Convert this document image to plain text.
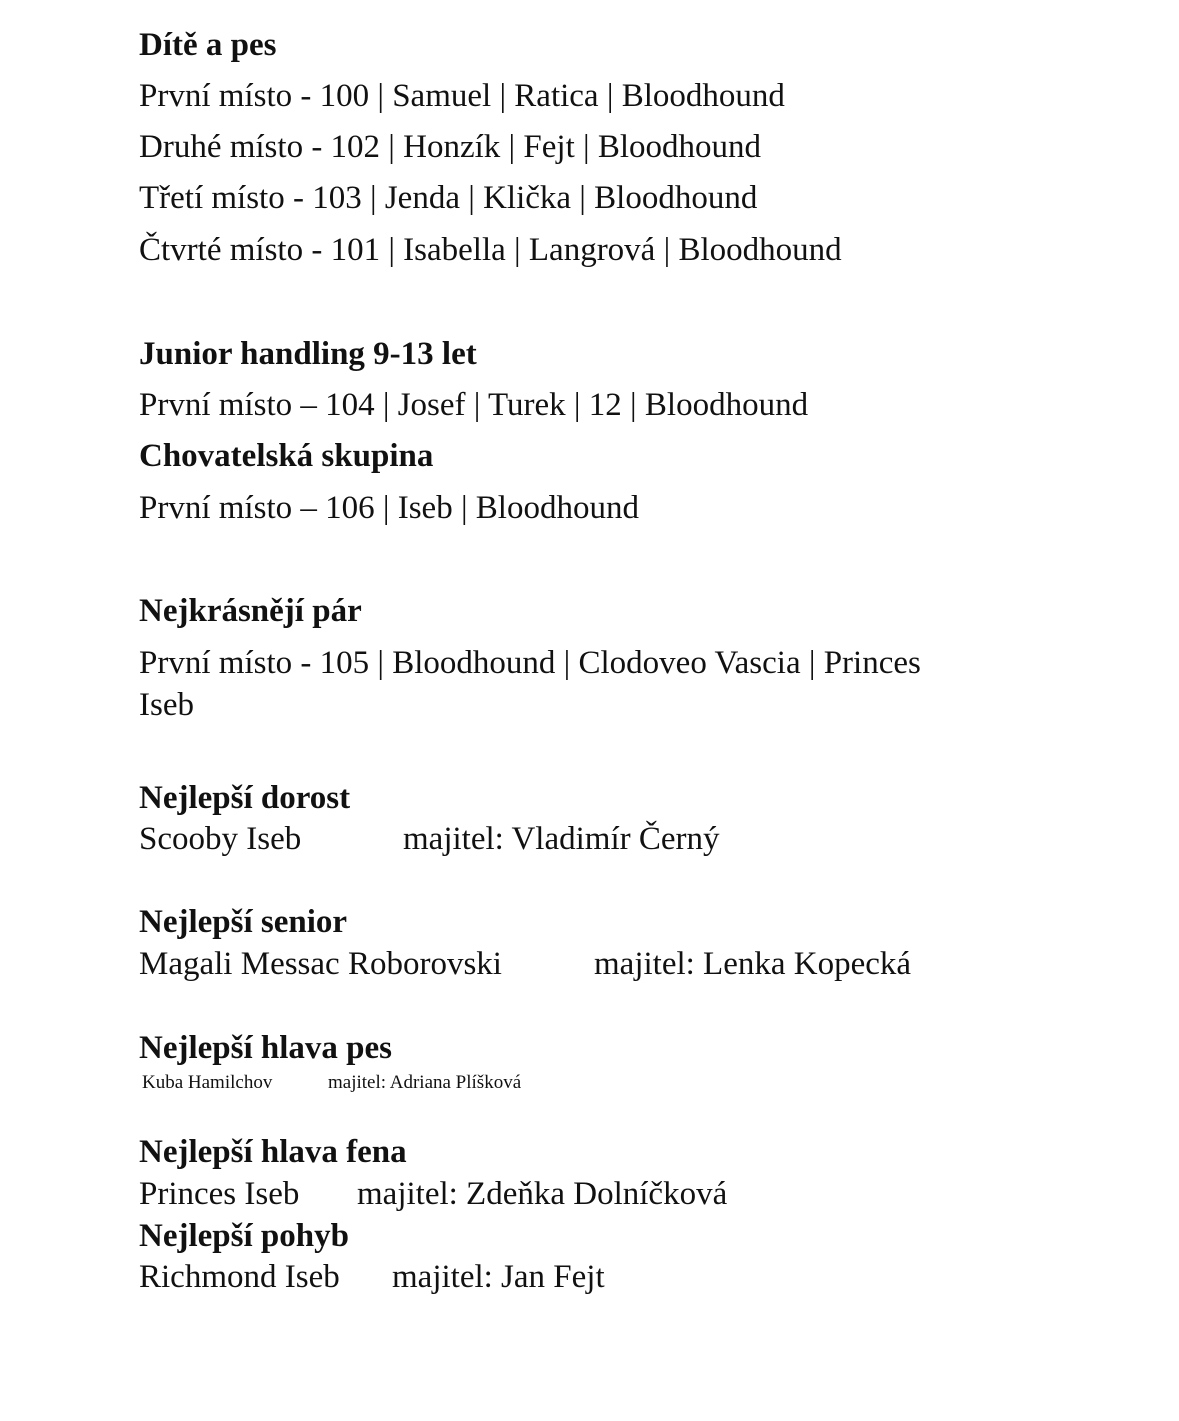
Dítě a pes
První místo - 100 | Samuel | Ratica | Bloodhound
Druhé místo - 102 | Honzík | Fejt | Bloodhound
Třetí místo - 103 | Jenda | Klička | Bloodhound
Čtvrté místo - 101 | Isabella | Langrová | Bloodhound
Junior handling 9-13 let
První místo – 104 | Josef | Turek | 12 | Bloodhound
Chovatelská skupina
První místo – 106 | Iseb | Bloodhound
Nejkrásnějí pár
První místo - 105 | Bloodhound | Clodoveo Vascia | Princes
Iseb
Nejlepší dorost
Scooby Iseb	majitel: Vladimír Černý
Nejlepší senior
Magali Messac Roborovski	majitel: Lenka Kopecká
Nejlepší hlava pes
Kuba Hamilchov	majitel: Adriana Plíšková
Nejlepší hlava fena
Princes Iseb majitel: Zdeňka Dolníčková
Nejlepší pohyb
Richmond Iseb majitel: Jan Fejt
